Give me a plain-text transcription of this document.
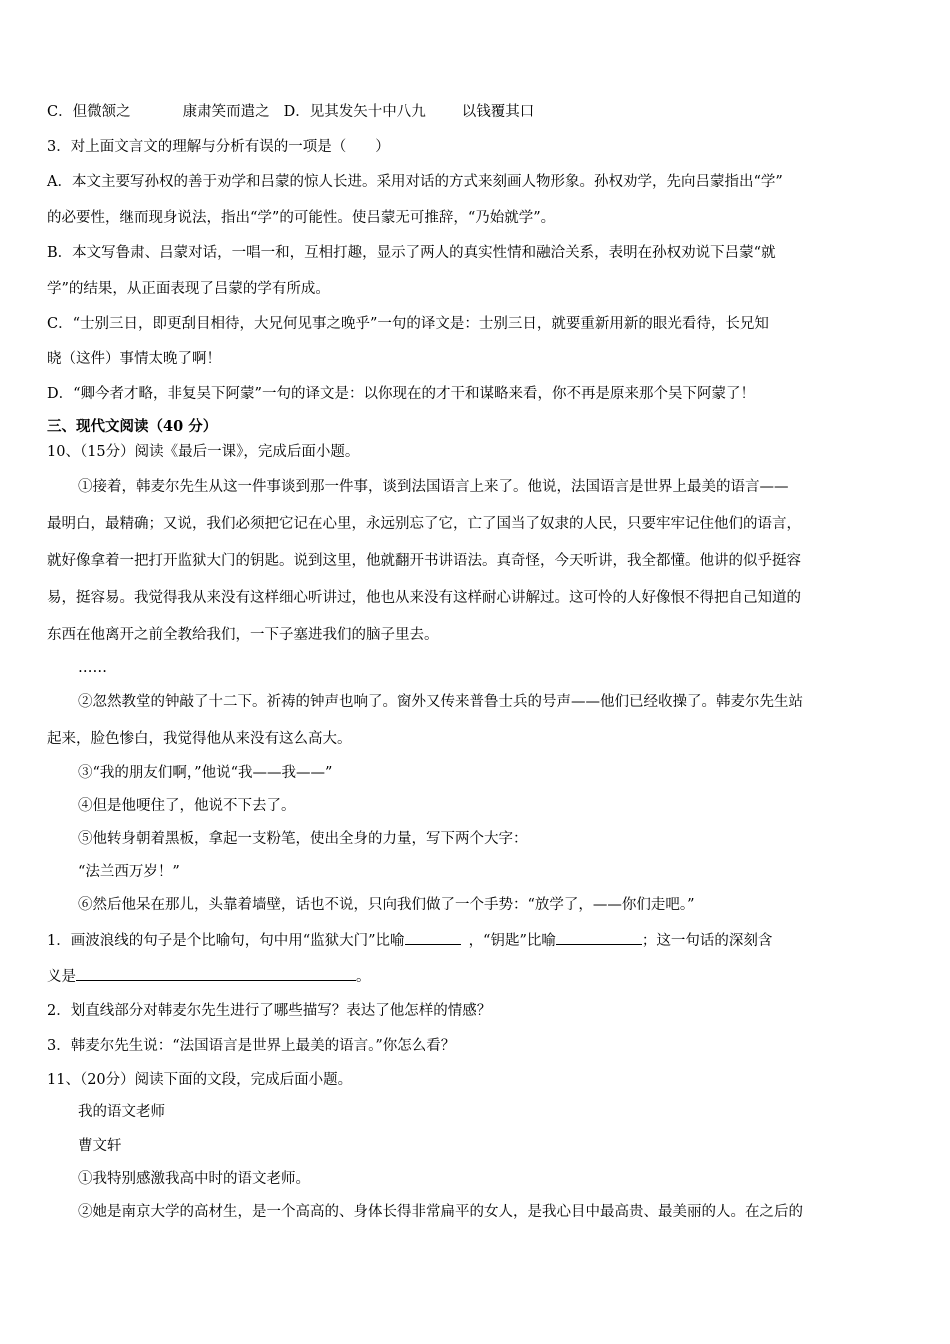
C．但微颔之	康肃笑而遣之 D．见其发矢十中八九 以钱覆其口
3．对上面文言文的理解与分析有误的一项是（　　）
A．本文主要写孙权的善于劝学和吕蒙的惊人长进。采用对话的方式来刻画人物形象。孙权劝学，先向吕蒙指出“学”
的必要性，继而现身说法，指出“学”的可能性。使吕蒙无可推辞，“乃始就学”。
B．本文写鲁肃、吕蒙对话，一唱一和，互相打趣，显示了两人的真实性情和融洽关系，表明在孙权劝说下吕蒙“就
学”的结果，从正面表现了吕蒙的学有所成。
C．“士别三日，即更刮目相待，大兄何见事之晚乎”一句的译文是：士别三日，就要重新用新的眼光看待，长兄知
晓（这件）事情太晚了啊！
D．“卿今者才略，非复吴下阿蒙”一句的译文是：以你现在的才干和谋略来看，你不再是原来那个吴下阿蒙了！
三、现代文阅读（40 分）
10、（15分）阅读《最后一课》，完成后面小题。
①接着，韩麦尔先生从这一件事谈到那一件事，谈到法国语言上来了。他说，法国语言是世界上最美的语言——
最明白，最精确；又说，我们必须把它记在心里，永远别忘了它，亡了国当了奴隶的人民，只要牢牢记住他们的语言，
就好像拿着一把打开监狱大门的钥匙。说到这里，他就翻开书讲语法。真奇怪，今天听讲，我全都懂。他讲的似乎挺容
易，挺容易。我觉得我从来没有这样细心听讲过，他也从来没有这样耐心讲解过。这可怜的人好像恨不得把自己知道的
东西在他离开之前全教给我们，一下子塞进我们的脑子里去。
……
②忽然教堂的钟敲了十二下。祈祷的钟声也响了。窗外又传来普鲁士兵的号声——他们已经收操了。韩麦尔先生站
起来，脸色惨白，我觉得他从来没有这么高大。
③“我的朋友们啊，”他说“我——我——”
④但是他哽住了，他说不下去了。
⑤他转身朝着黑板，拿起一支粉笔，使出全身的力量，写下两个大字：
“法兰西万岁！”
⑥然后他呆在那儿，头靠着墙壁，话也不说，只向我们做了一个手势：“放学了，——你们走吧。”
1．画波浪线的句子是个比喻句，句中用“监狱大门”比喻	，“钥匙”比喻	；这一句话的深刻含
义是	。
2．划直线部分对韩麦尔先生进行了哪些描写？表达了他怎样的情感？
3．韩麦尔先生说：“法国语言是世界上最美的语言。”你怎么看？
11、（20分）阅读下面的文段，完成后面小题。
我的语文老师
曹文轩
①我特别感激我高中时的语文老师。
②她是南京大学的高材生，是一个高高的、身体长得非常扁平的女人，是我心目中最高贵、最美丽的人。在之后的
